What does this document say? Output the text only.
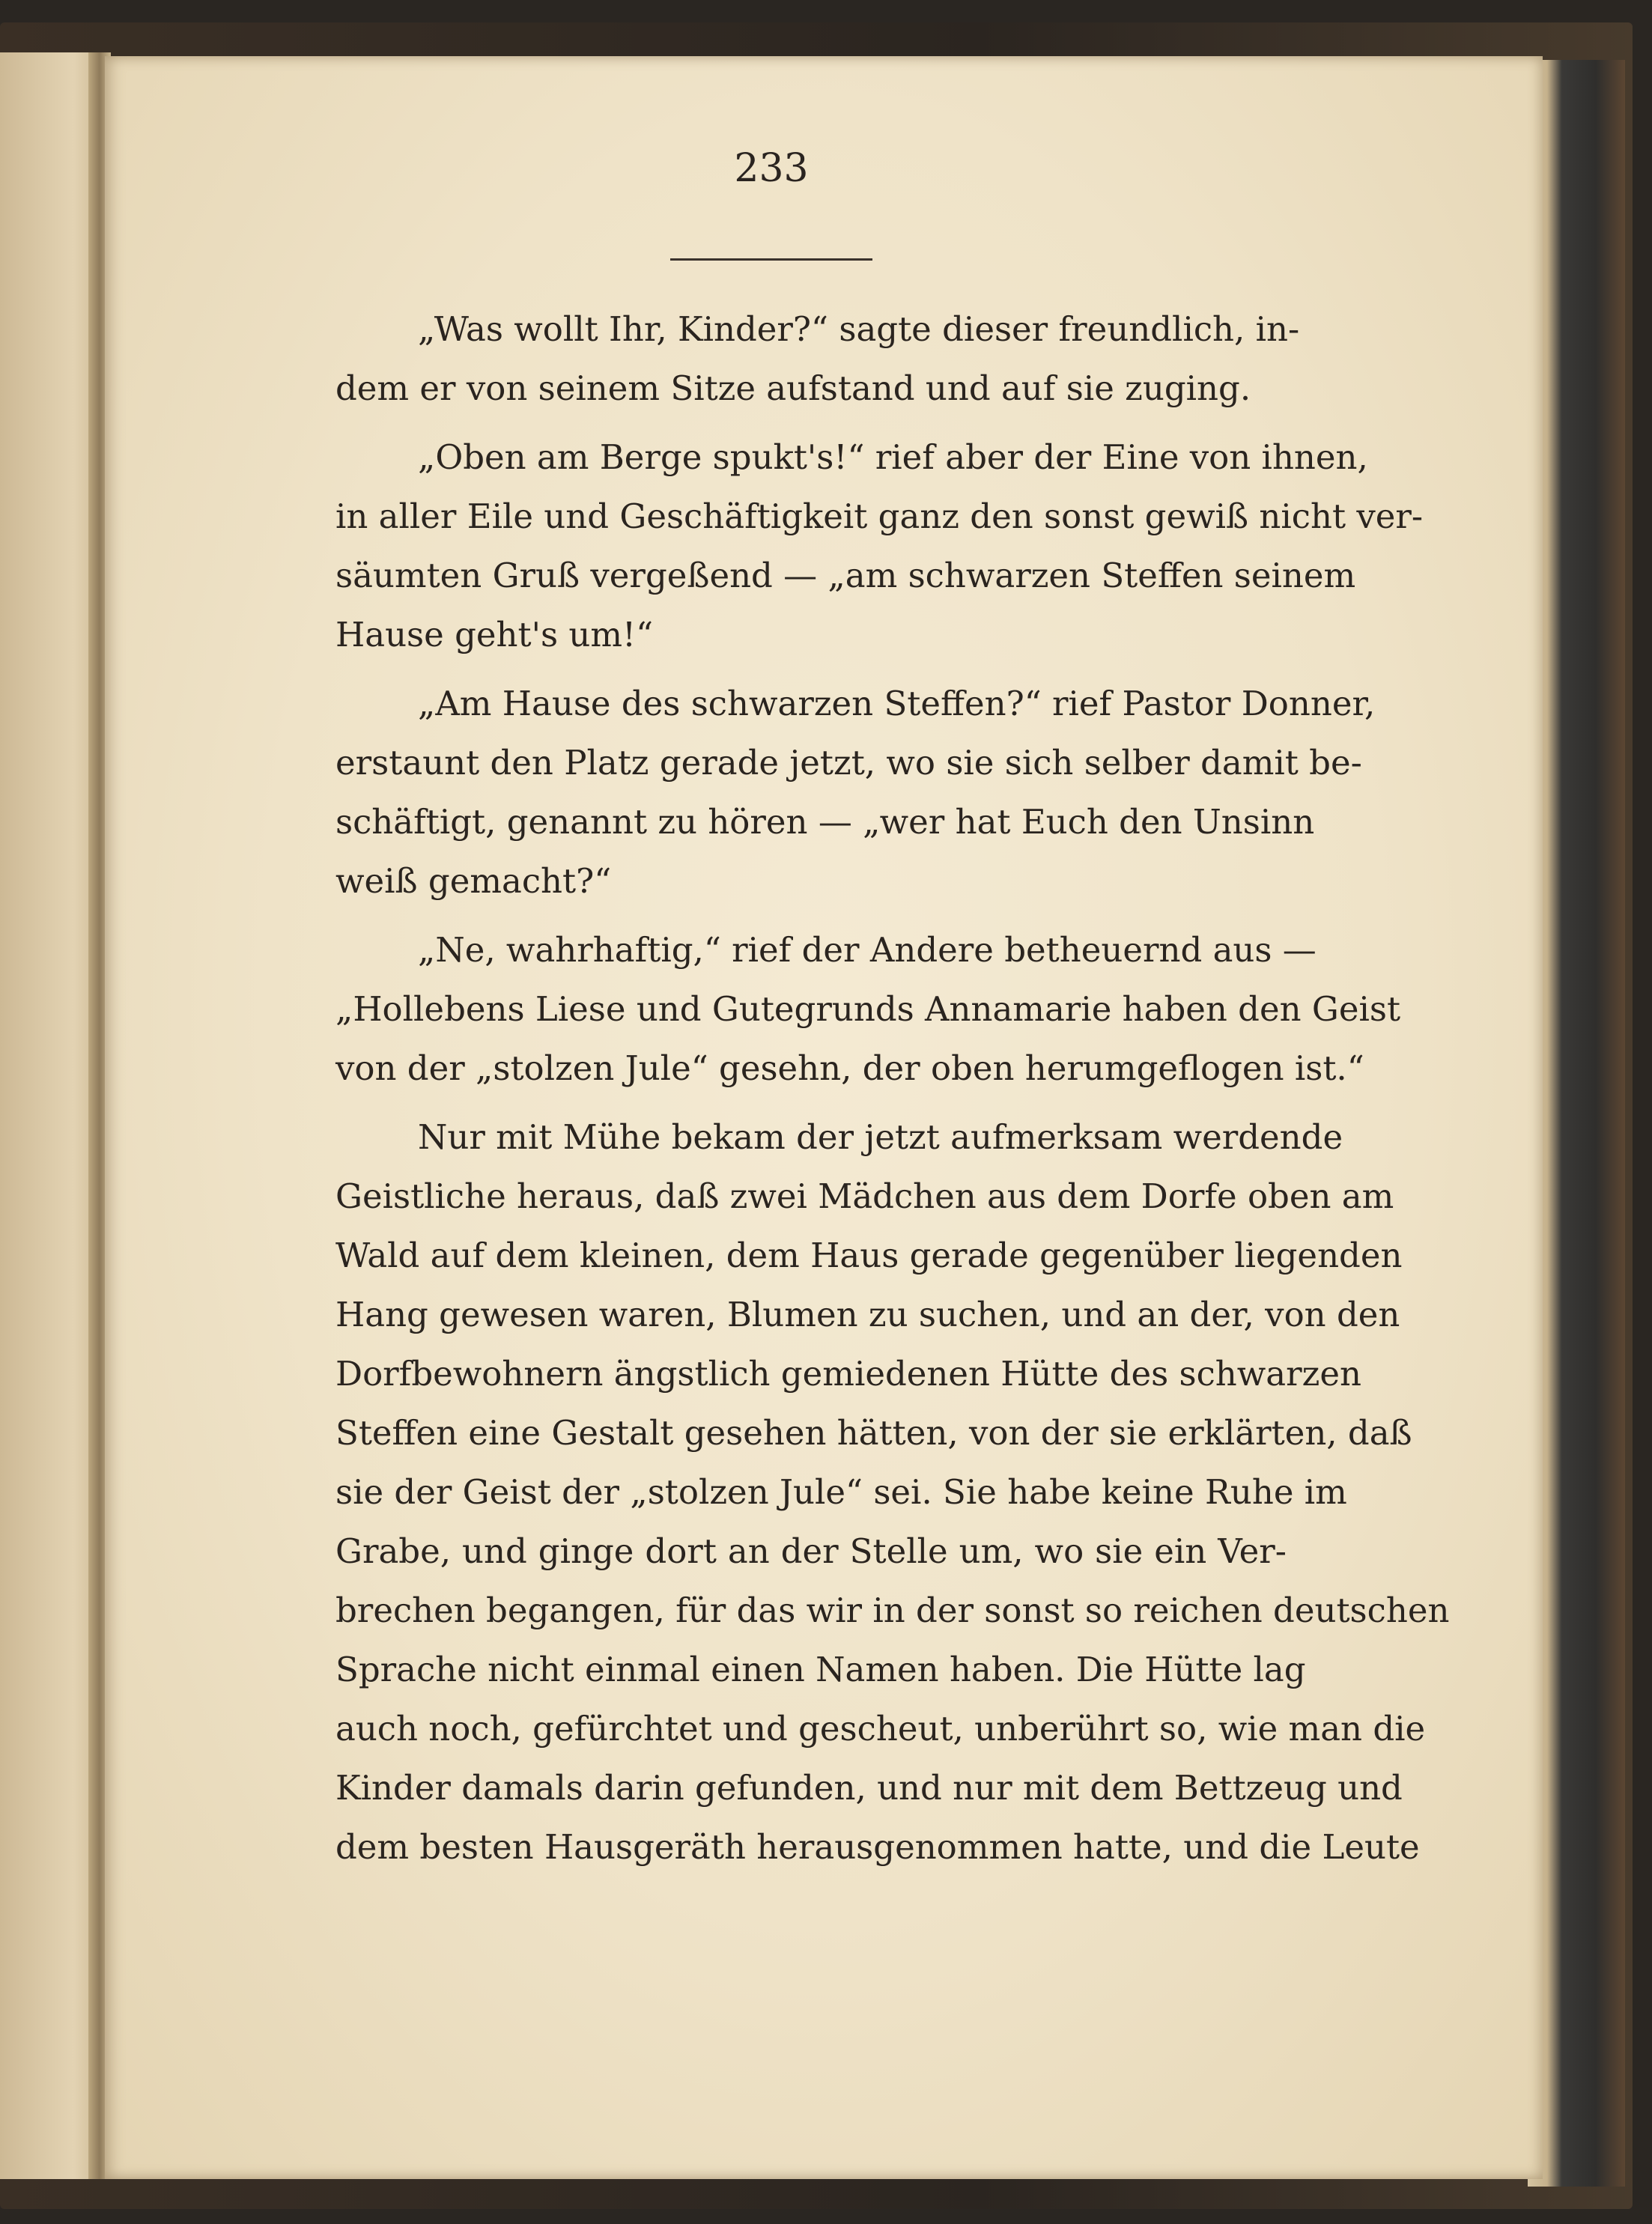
233
„Was wollt Ihr, Kinder?“ sagte dieser freundlich, in-
dem er von seinem Sitze aufstand und auf sie zuging.
„Oben am Berge spukt's!“ rief aber der Eine von ihnen,
in aller Eile und Geschäftigkeit ganz den sonst gewiß nicht ver-
säumten Gruß vergeßend — „am schwarzen Steffen seinem
Hause geht's um!“
„Am Hause des schwarzen Steffen?“ rief Pastor Donner,
erstaunt den Platz gerade jetzt, wo sie sich selber damit be-
schäftigt, genannt zu hören — „wer hat Euch den Unsinn
weiß gemacht?“
„Ne, wahrhaftig,“ rief der Andere betheuernd aus —
„Hollebens Liese und Gutegrunds Annamarie haben den Geist
von der „stolzen Jule“ gesehn, der oben herumgeflogen ist.“
Nur mit Mühe bekam der jetzt aufmerksam werdende
Geistliche heraus, daß zwei Mädchen aus dem Dorfe oben am
Wald auf dem kleinen, dem Haus gerade gegenüber liegenden
Hang gewesen waren, Blumen zu suchen, und an der, von den
Dorfbewohnern ängstlich gemiedenen Hütte des schwarzen
Steffen eine Gestalt gesehen hätten, von der sie erklärten, daß
sie der Geist der „stolzen Jule“ sei. Sie habe keine Ruhe im
Grabe, und ginge dort an der Stelle um, wo sie ein Ver-
brechen begangen, für das wir in der sonst so reichen deutschen
Sprache nicht einmal einen Namen haben. Die Hütte lag
auch noch, gefürchtet und gescheut, unberührt so, wie man die
Kinder damals darin gefunden, und nur mit dem Bettzeug und
dem besten Hausgeräth herausgenommen hatte, und die Leute
